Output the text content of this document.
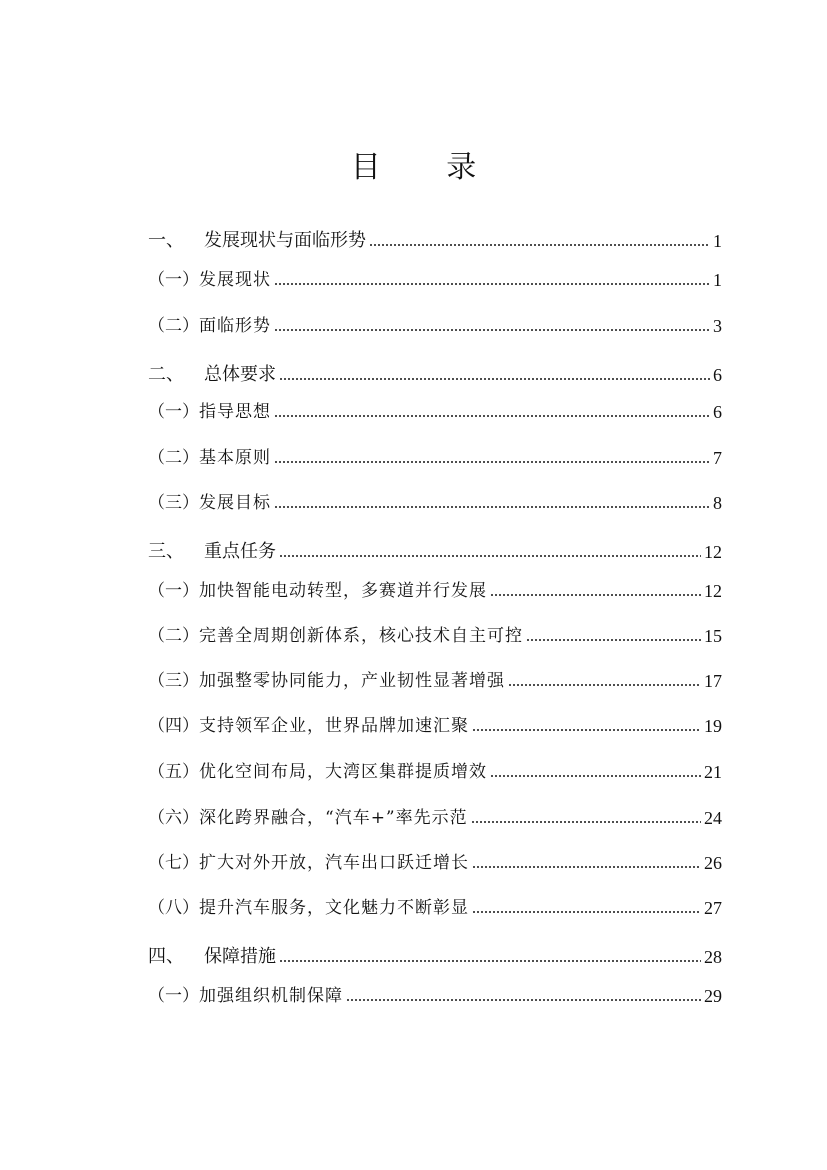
目 录
一、	发展现状与面临形势	1
（一） 发展现状	1
（二） 面临形势	3
二、	总体要求	6
（一） 指导思想	6
（二） 基本原则	7
（三） 发展目标	8
三、	重点任务	12
（一） 加快智能电动转型，多赛道并行发展	12
（二） 完善全周期创新体系，核心技术自主可控	15
（三） 加强整零协同能力，产业韧性显著增强	17
（四） 支持领军企业，世界品牌加速汇聚	19
（五） 优化空间布局，大湾区集群提质增效	21
（六） 深化跨界融合，“汽车+”率先示范	24
（七） 扩大对外开放，汽车出口跃迁增长	26
（八） 提升汽车服务，文化魅力不断彰显	27
四、	保障措施	28
（一） 加强组织机制保障	29
